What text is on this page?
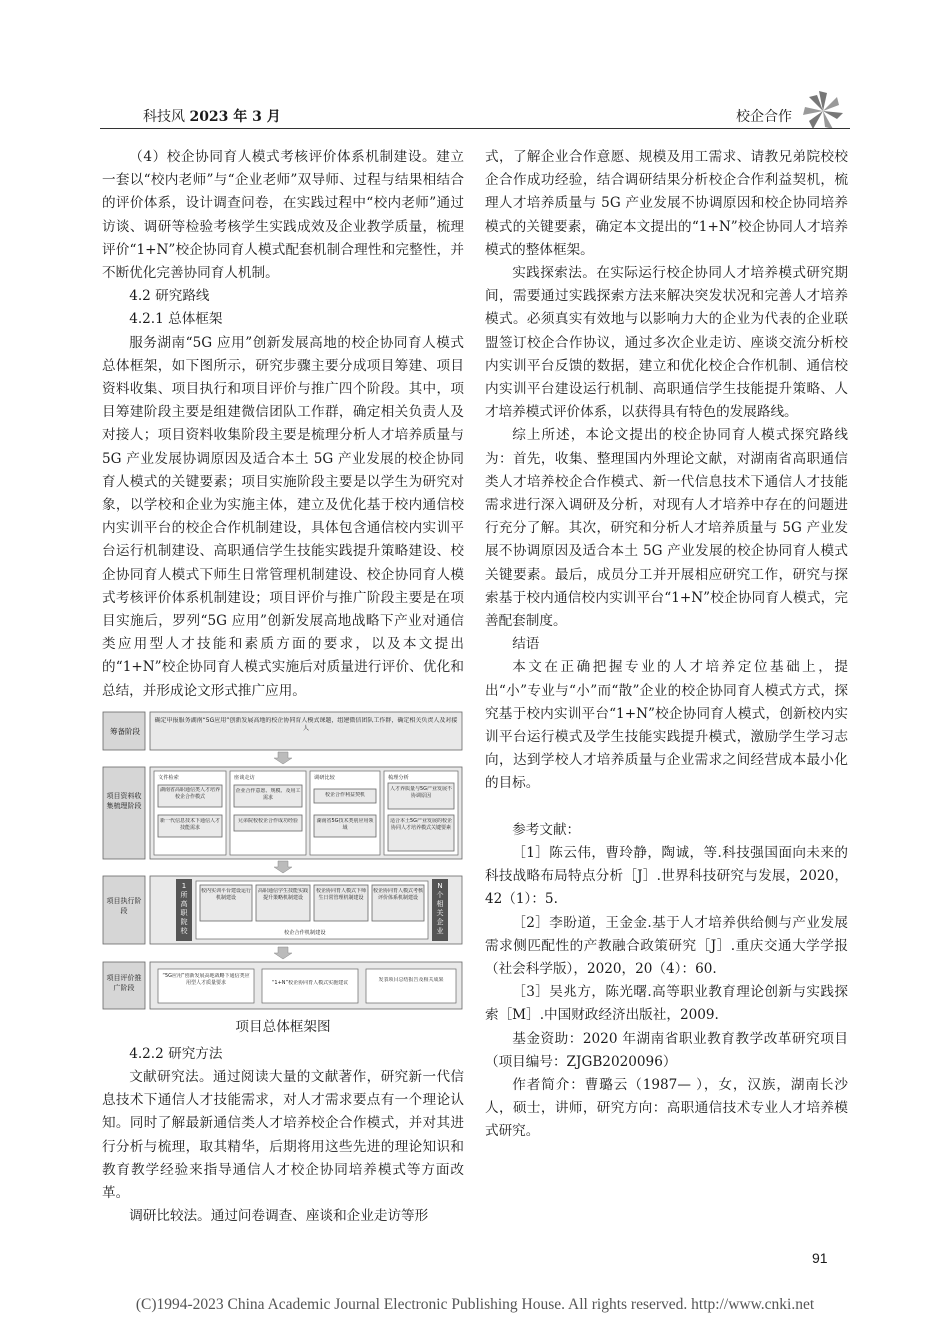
科技风 2023 年 3 月	校企合作

（4）校企协同育人模式考核评价体系机制建设。建立一套以“校内老师”与“企业老师”双导师、过程与结果相结合的评价体系，设计调查问卷，在实践过程中“校内老师”通过访谈、调研等检验考核学生实践成效及企业教学质量，梳理评价“1+N”校企协同育人模式配套机制合理性和完整性，并不断优化完善协同育人机制。

4.2 研究路线

4.2.1 总体框架

服务湖南“5G 应用”创新发展高地的校企协同育人模式总体框架，如下图所示，研究步骤主要分成项目筹建、项目资料收集、项目执行和项目评价与推广四个阶段。其中，项目筹建阶段主要是组建微信团队工作群，确定相关负责人及对接人；项目资料收集阶段主要是梳理分析人才培养质量与 5G 产业发展协调原因及适合本土 5G 产业发展的校企协同育人模式的关键要素；项目实施阶段主要是以学生为研究对象，以学校和企业为实施主体，建立及优化基于校内通信校内实训平台的校企合作机制建设，具体包含通信校内实训平台运行机制建设、高职通信学生技能实践提升策略建设、校企协同育人模式下师生日常管理机制建设、校企协同育人模式考核评价体系机制建设；项目评价与推广阶段主要是在项目实施后，罗列“5G 应用”创新发展高地战略下产业对通信类应用型人才技能和素质方面的要求，以及本文提出的“1+N”校企协同育人模式实施后对质量进行评价、优化和总结，并形成论文形式推广应用。

筹备阶段
确定申报服务湖南“5G应用”创新发展高地的校企协同育人模式课题，组建微信团队工作群，确定相关负责人及对接人
项目资料收集梳理阶段
文件检索
湖南省高职通信类人才培养校企合作模式
新一代信息技术下通信人才技能需求
座谈走访
企业合作意愿、规模、及用工需求
兄弟院校校企合作成功经验
调研比较
校企合作利益契机
湖南省5G技术类别应用领域
梳理分析
人才养质量与5G产业发展不协调原因
适合本土5G产业发展的校企协同人才培养模式关键要素
项目执行阶段
1所高职院校
N个相关企业
校内实训平台建设运行机制建设
高职通信学生技能实践提升策略机制建设
校企协同育人模式下师生日常管理机制建设
校企协同育人模式考核评价体系机制建设
校企合作机制建设
项目评价推广阶段
“5G应用”创新发展高地战略下通信类应用型人才质量要求	“1+N”校企协同育人模式实施建议	发表项目总结报告及相关成果
项目总体框架图

4.2.2 研究方法

文献研究法。通过阅读大量的文献著作，研究新一代信息技术下通信人才技能需求，对人才需求要点有一个理论认知。同时了解最新通信类人才培养校企合作模式，并对其进行分析与梳理，取其精华，后期将用这些先进的理论知识和教育教学经验来指导通信人才校企协同培养模式等方面改革。

调研比较法。通过问卷调查、座谈和企业走访等形

式，了解企业合作意愿、规模及用工需求、请教兄弟院校校企合作成功经验，结合调研结果分析校企合作利益契机，梳理人才培养质量与 5G 产业发展不协调原因和校企协同培养模式的关键要素，确定本文提出的“1+N”校企协同人才培养模式的整体框架。

实践探索法。在实际运行校企协同人才培养模式研究期间，需要通过实践探索方法来解决突发状况和完善人才培养模式。必须真实有效地与以影响力大的企业为代表的企业联盟签订校企合作协议，通过多次企业走访、座谈交流分析校内实训平台反馈的数据，建立和优化校企合作机制、通信校内实训平台建设运行机制、高职通信学生技能提升策略、人才培养模式评价体系，以获得具有特色的发展路线。

综上所述，本论文提出的校企协同育人模式探究路线为：首先，收集、整理国内外理论文献，对湖南省高职通信类人才培养校企合作模式、新一代信息技术下通信人才技能需求进行深入调研及分析，对现有人才培养中存在的问题进行充分了解。其次，研究和分析人才培养质量与 5G 产业发展不协调原因及适合本土 5G 产业发展的校企协同育人模式关键要素。最后，成员分工并开展相应研究工作，研究与探索基于校内通信校内实训平台“1+N”校企协同育人模式，完善配套制度。

结语

本文在正确把握专业的人才培养定位基础上，提出“小”专业与“小”而“散”企业的校企协同育人模式方式，探究基于校内实训平台“1+N”校企协同育人模式，创新校内实训平台运行模式及学生技能实践提升模式，激励学生学习志向，达到学校人才培养质量与企业需求之间经营成本最小化的目标。

参考文献：

［1］陈云伟，曹玲静，陶诚，等.科技强国面向未来的科技战略布局特点分析［J］.世界科技研究与发展，2020，42（1）：5.

［2］李盼道，王金金.基于人才培养供给侧与产业发展需求侧匹配性的产教融合政策研究［J］.重庆交通大学学报（社会科学版），2020，20（4）：60.

［3］吴兆方，陈光曙.高等职业教育理论创新与实践探索［M］.中国财政经济出版社，2009.

基金资助：2020 年湖南省职业教育教学改革研究项目（项目编号：ZJGB2020096）

作者简介：曹璐云（1987— ），女，汉族，湖南长沙人，硕士，讲师，研究方向：高职通信技术专业人才培养模式研究。

91
(C)1994-2023 China Academic Journal Electronic Publishing House. All rights reserved. http://www.cnki.net
